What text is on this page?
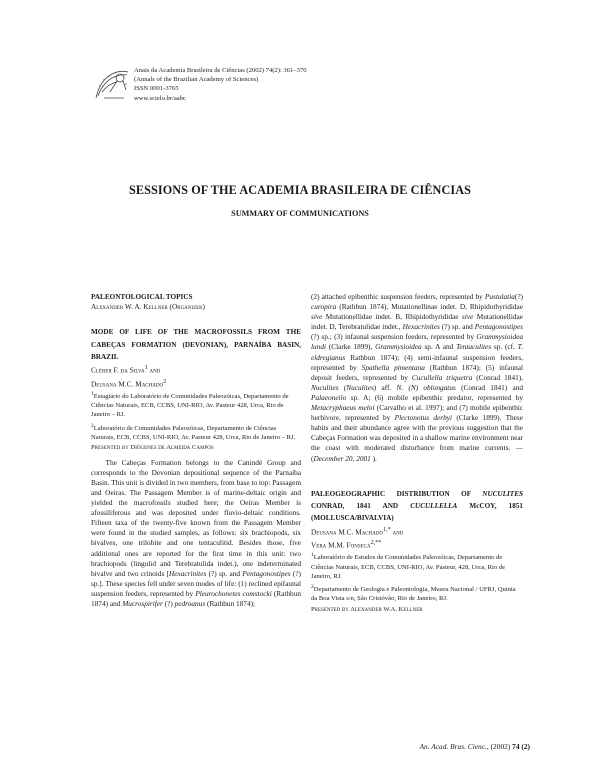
Anais da Academia Brasileira de Ciências (2002) 74(2): 361–370
(Annals of the Brazilian Academy of Sciences)
ISSN 0001-3765
www.scielo.br/aabc
SESSIONS OF THE ACADEMIA BRASILEIRA DE CIÊNCIAS
SUMMARY OF COMMUNICATIONS

PALEONTOLOGICAL TOPICS

Alexander W. A. Kellner (Organizer)

MODE OF LIFE OF THE MACROFOSSILS FROM THE CABEÇAS FORMATION (DEVONIAN), PARNAÍBA BASIN, BRAZIL

Cléber F. da Silva$^1$ and
Deusana M.C. Machado$^2$

$^1$Estagiário do Laboratório de Comunidades Paleozóicas, Departamento de Ciências Naturais, ECB, CCBS, UNI-RIO, Av. Pasteur 428, Urca, Rio de Janeiro – RJ.

$^2$Laboratório de Comunidades Paleozóicas, Departamento de Ciências Naturais, ECB, CCBS, UNI-RIO, Av. Pasteur 428, Urca, Rio de Janeiro – RJ.

Presented by Diógenes de Almeida Campos

The Cabeças Formation belongs to the Canindé Group and corresponds to the Devonian depositional sequence of the Parnaíba Basin. This unit is divided in two members, from base to top: Passagem and Oeiras. The Passagem Member is of marine-deltaic origin and yielded the macrofossils studied here; the Oeiras Member is afossiliferous and was deposited under fluvio-deltaic conditions. Fifteen taxa of the twenty-five known from the Passagem Member were found in the studied samples, as follows: six brachiopods, six bivalves, one trilobite and one tentaculitid. Besides those, five additional ones are reported for the first time in this unit: two brachiopods (lingulid and Terebratulida indet.), one indeterminated bivalve and two crinoids [Hexacrinites (?) sp. and Pentagonostipes (?) sp.]. These species fell under seven modes of life: (1) reclined epifaunal suspension feeders, represented by Pleurochonetes comstocki (Rathbun 1874) and Mucrospirifer (?) pedroanus (Rathbun 1874);

(2) attached epibenthic suspension feeders, represented by Pustulatia(?) curopira (Rathbun 1874), Mutationellinae indet. D, Rhipidothyrididae sive Mutationellidae indet. B, Rhipidothyrididae sive Mutationellidae indet. D, Terebratulidae indet., Hexacrinites (?) sp. and Pentagonostipes (?) sp.; (3) infaunal suspension feeders, represented by Grammysioidea lundi (Clarke 1899), Grammysioidea sp. A and Tentaculites sp. (cf. T. eldregianus Rathbun 1874); (4) semi-infaunal suspension feeders, represented by Spathella pimentana (Rathbun 1874); (5) infaunal deposit feeders, represented by Cucullella triquetra (Conrad 1841), Nuculites (Nuculites) aff. N. (N) oblongatus (Conrad 1841) and Palaeoneilo sp. A; (6) mobile epibenthic predator, represented by Metacryphaeus meloi (Carvalho et al. 1997); and (7) mobile epibenthic herbivore, represented by Plectonotus derbyi (Clarke 1899). These habits and their abundance agree with the previous suggestion that the Cabeças Formation was deposited in a shallow marine environment near the coast with moderated disturbance from marine currents. — (December 20, 2001 ).

PALEOGEOGRAPHIC DISTRIBUTION OF NUCULITES CONRAD, 1841 AND CUCULLELLA McCOY, 1851 (MOLLUSCA/BIVALVIA)

Deusana M.C. Machado$^{1,*}$ and
Vera M.M. Fonseca$^{2,**}$

$^1$Laboratório de Estudos de Comunidades Paleozóicas, Departamento de Ciências Naturais, ECB, CCBS, UNI-RIO, Av. Pasteur, 428, Urca, Rio de Janeiro, RJ.

$^2$Departamento de Geologia e Paleontologia, Museu Nacional / UFRJ, Quinta da Boa Vista s/n, São Cristóvão, Rio de Janeiro, RJ.

Presented by Alexander W.A. Kellner

An. Acad. Bras. Cienc., (2002) 74 (2)
